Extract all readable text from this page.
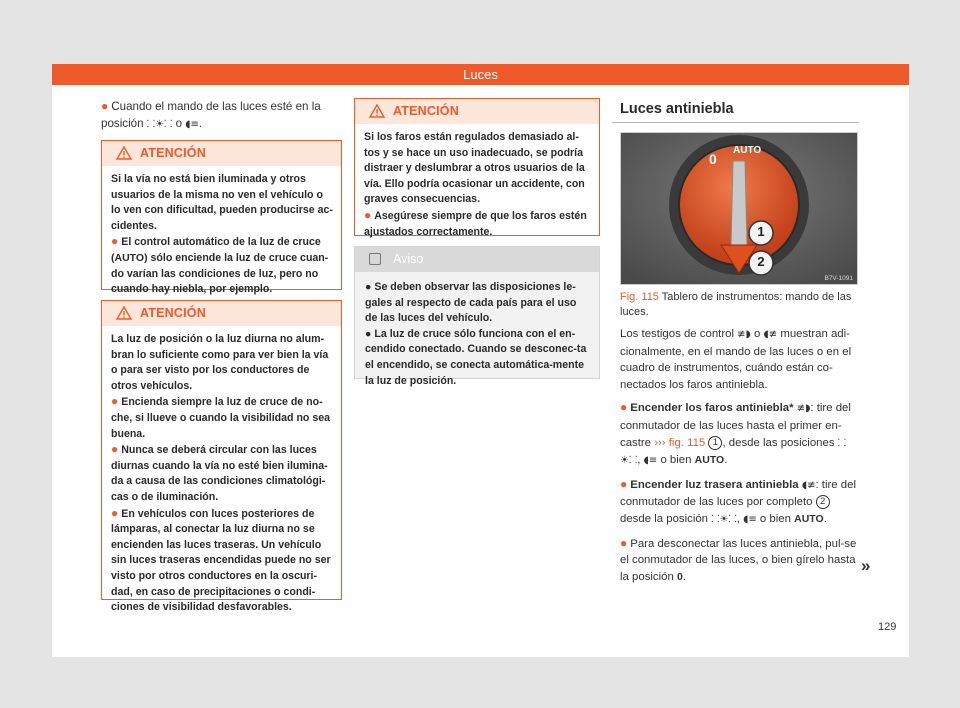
Luces
● Cuando el mando de las luces esté en la posición ⸬☀⸬ o ◖≡.
ATENCIÓN

Si la vía no está bien iluminada y otros usuarios de la misma no ven el vehículo o lo ven con dificultad, pueden producirse ac-cidentes.

● El control automático de la luz de cruce (AUTO) sólo enciende la luz de cruce cuan-do varían las condiciones de luz, pero no cuando hay niebla, por ejemplo.

ATENCIÓN

La luz de posición o la luz diurna no alum-bran lo suficiente como para ver bien la vía o para ser visto por los conductores de otros vehículos.

● Encienda siempre la luz de cruce de no-che, si llueve o cuando la visibilidad no sea buena.

● Nunca se deberá circular con las luces diurnas cuando la vía no esté bien ilumina-da a causa de las condiciones climatológi-cas o de iluminación.

● En vehículos con luces posteriores de lámparas, al conectar la luz diurna no se encienden las luces traseras. Un vehículo sin luces traseras encendidas puede no ser visto por otros conductores en la oscuri-dad, en caso de precipitaciones o condi-ciones de visibilidad desfavorables.

ATENCIÓN

Si los faros están regulados demasiado al-tos y se hace un uso inadecuado, se podría distraer y deslumbrar a otros usuarios de la vía. Ello podría ocasionar un accidente, con graves consecuencias.

● Asegúrese siempre de que los faros estén ajustados correctamente.

Aviso

● Se deben observar las disposiciones le-gales al respecto de cada país para el uso de las luces del vehículo.

● La luz de cruce sólo funciona con el en-cendido conectado. Cuando se desconec-ta el encendido, se conecta automática-mente la luz de posición.

Luces antiniebla
0
AUTO
1
2
B7V-1091
Fig. 115 Tablero de instrumentos: mando de las luces.

Los testigos de control ≢◗ o ◖≢ muestran adi-cionalmente, en el mando de las luces o en el cuadro de instrumentos, cuándo están co-nectados los faros antiniebla.

● Encender los faros antiniebla* ≢◗: tire del conmutador de las luces hasta el primer en-castre ››› fig. 115 1 , desde las posiciones ⸬☀⸬, ◖≡ o bien AUTO.

● Encender luz trasera antiniebla ◖≢: tire del conmutador de las luces por completo 2 desde la posición ⸬☀⸬, ◖≡ o bien AUTO.

● Para desconectar las luces antiniebla, pul-se el conmutador de las luces, o bien gírelo hasta la posición 0.

»
129
